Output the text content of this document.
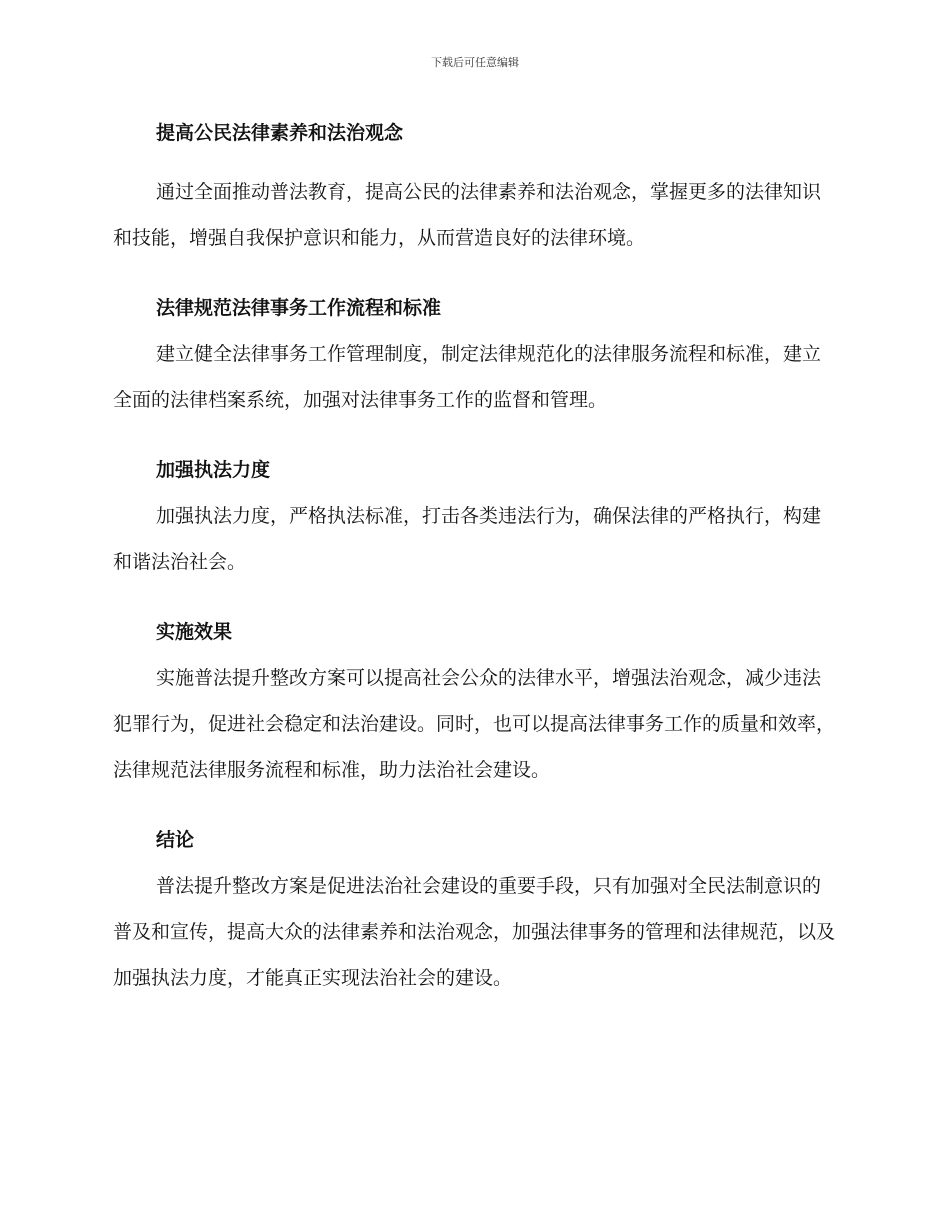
下载后可任意编辑
提高公民法律素养和法治观念

通过全面推动普法教育，提高公民的法律素养和法治观念，掌握更多的法律知识和技能，增强自我保护意识和能力，从而营造良好的法律环境。

法律规范法律事务工作流程和标准

建立健全法律事务工作管理制度，制定法律规范化的法律服务流程和标准，建立全面的法律档案系统，加强对法律事务工作的监督和管理。

加强执法力度

加强执法力度，严格执法标准，打击各类违法行为，确保法律的严格执行，构建和谐法治社会。

实施效果

实施普法提升整改方案可以提高社会公众的法律水平，增强法治观念，减少违法犯罪行为，促进社会稳定和法治建设。同时，也可以提高法律事务工作的质量和效率，法律规范法律服务流程和标准，助力法治社会建设。

结论

普法提升整改方案是促进法治社会建设的重要手段，只有加强对全民法制意识的普及和宣传，提高大众的法律素养和法治观念，加强法律事务的管理和法律规范，以及加强执法力度，才能真正实现法治社会的建设。
